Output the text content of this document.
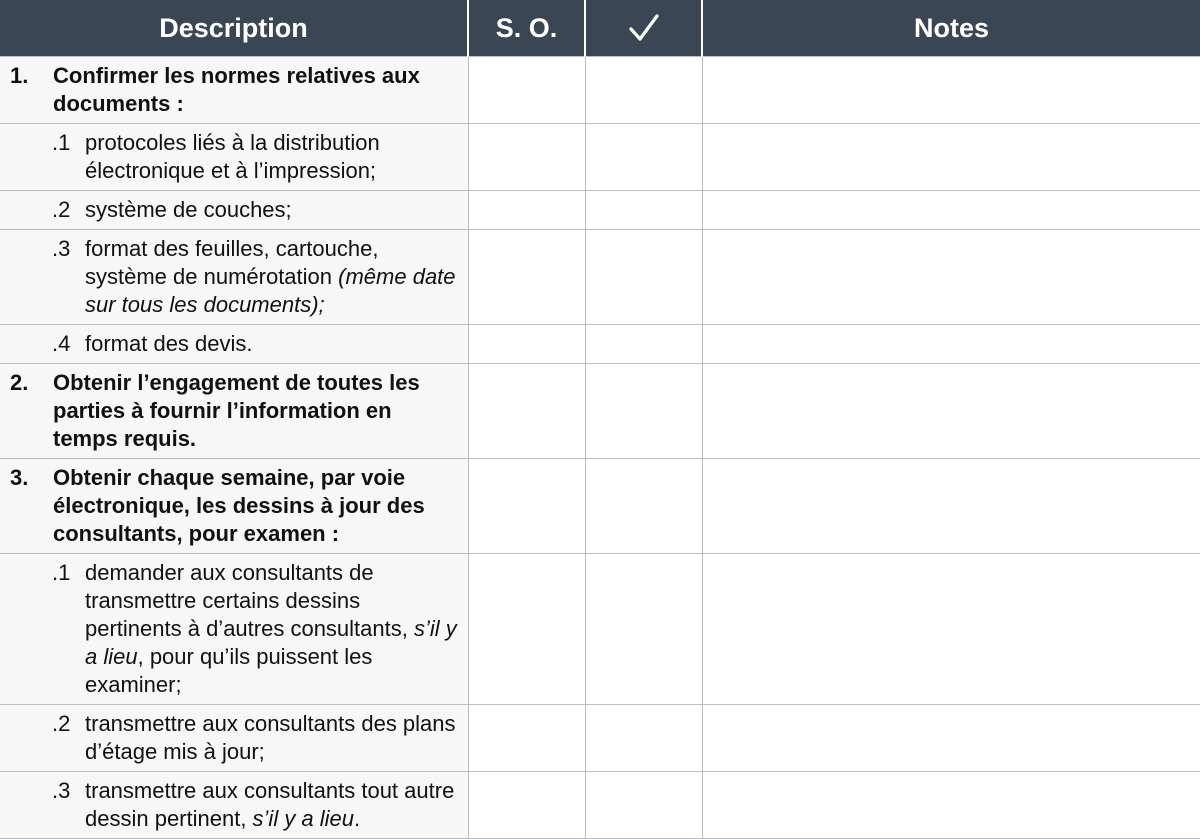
Description	S. O.		Notes

1. Confirmer les normes relatives aux documents :			

.1 protocoles liés à la distribution électronique et à l’impression;			

.2 système de couches;			

.3 format des feuilles, cartouche, système de numérotation (même date sur tous les documents);			

.4 format des devis.			

2. Obtenir l’engagement de toutes les parties à fournir l’information en temps requis.			

3. Obtenir chaque semaine, par voie électronique, les dessins à jour des consultants, pour examen :			

.1 demander aux consultants de transmettre certains dessins pertinents à d’autres consultants, s’il y a lieu, pour qu’ils puissent les examiner;			

.2 transmettre aux consultants des plans d’étage mis à jour;			

.3 transmettre aux consultants tout autre dessin pertinent, s’il y a lieu.			
